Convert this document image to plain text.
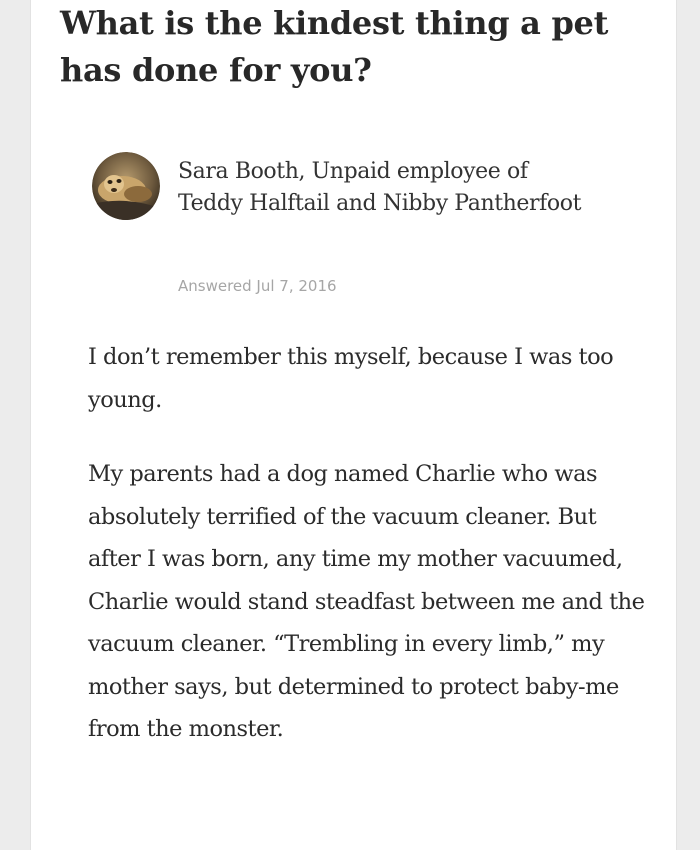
What is the kindest thing a pet has done for you?
Sara Booth, Unpaid employee of Teddy Halftail and Nibby Pantherfoot
Answered Jul 7, 2016

I don’t remember this myself, because I was too young.

My parents had a dog named Charlie who was absolutely terrified of the vacuum cleaner. But after I was born, any time my mother vacuumed, Charlie would stand steadfast between me and the vacuum cleaner. “Trembling in every limb,” my mother says, but determined to protect baby-me from the monster.
